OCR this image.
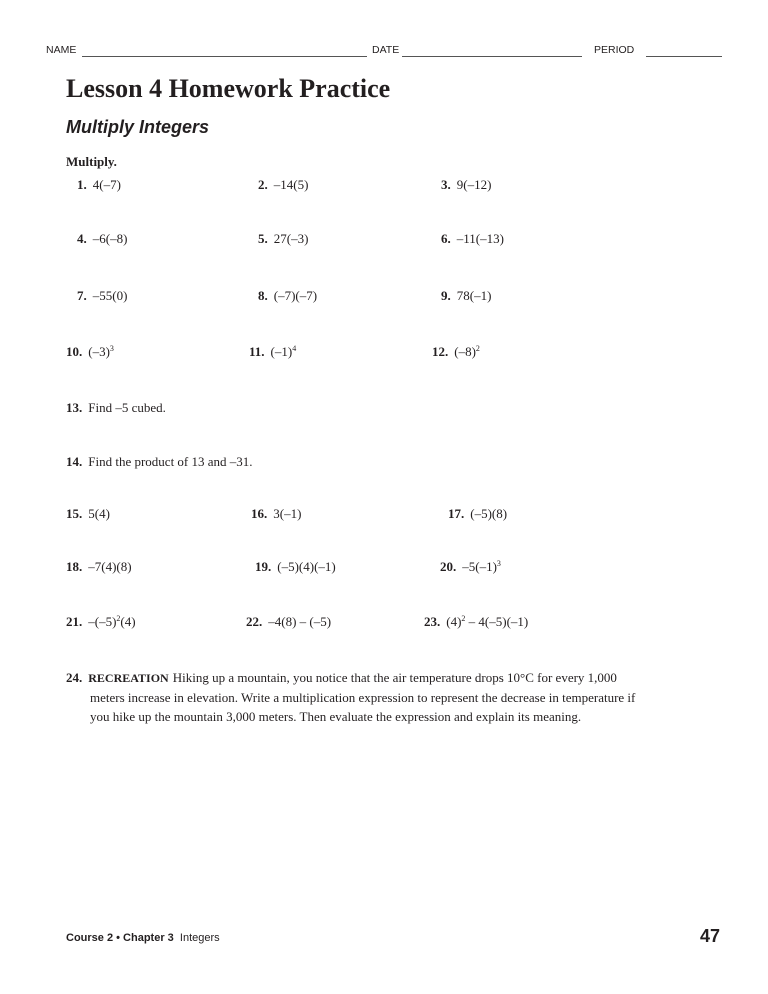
NAME	DATE	PERIOD
Lesson 4 Homework Practice
Multiply Integers
Multiply.
1. 4(–7)	2. –14(5)	3. 9(–12)
4. –6(–8)	5. 27(–3)	6. –11(–13)
7. –55(0)	8. (–7)(–7)	9. 78(–1)
10. $(-3)^3$	11. $(-1)^4$	12. $(-8)^2$
13. Find –5 cubed.
14. Find the product of 13 and –31.
15. 5(4)	16. 3(–1)	17. (–5)(8)
18. –7(4)(8)	19. (–5)(4)(–1)	20. $-5(-1)^3$
21. $-(-5)^2(4)$	22. –4(8) – (–5)	23. $(4)^2 - 4(-5)(-1)$
24. RECREATION Hiking up a mountain, you notice that the air temperature drops 10°C for every 1,000 meters increase in elevation. Write a multiplication expression to represent the decrease in temperature if you hike up the mountain 3,000 meters. Then evaluate the expression and explain its meaning.
Course 2 • Chapter 3 Integers	47
